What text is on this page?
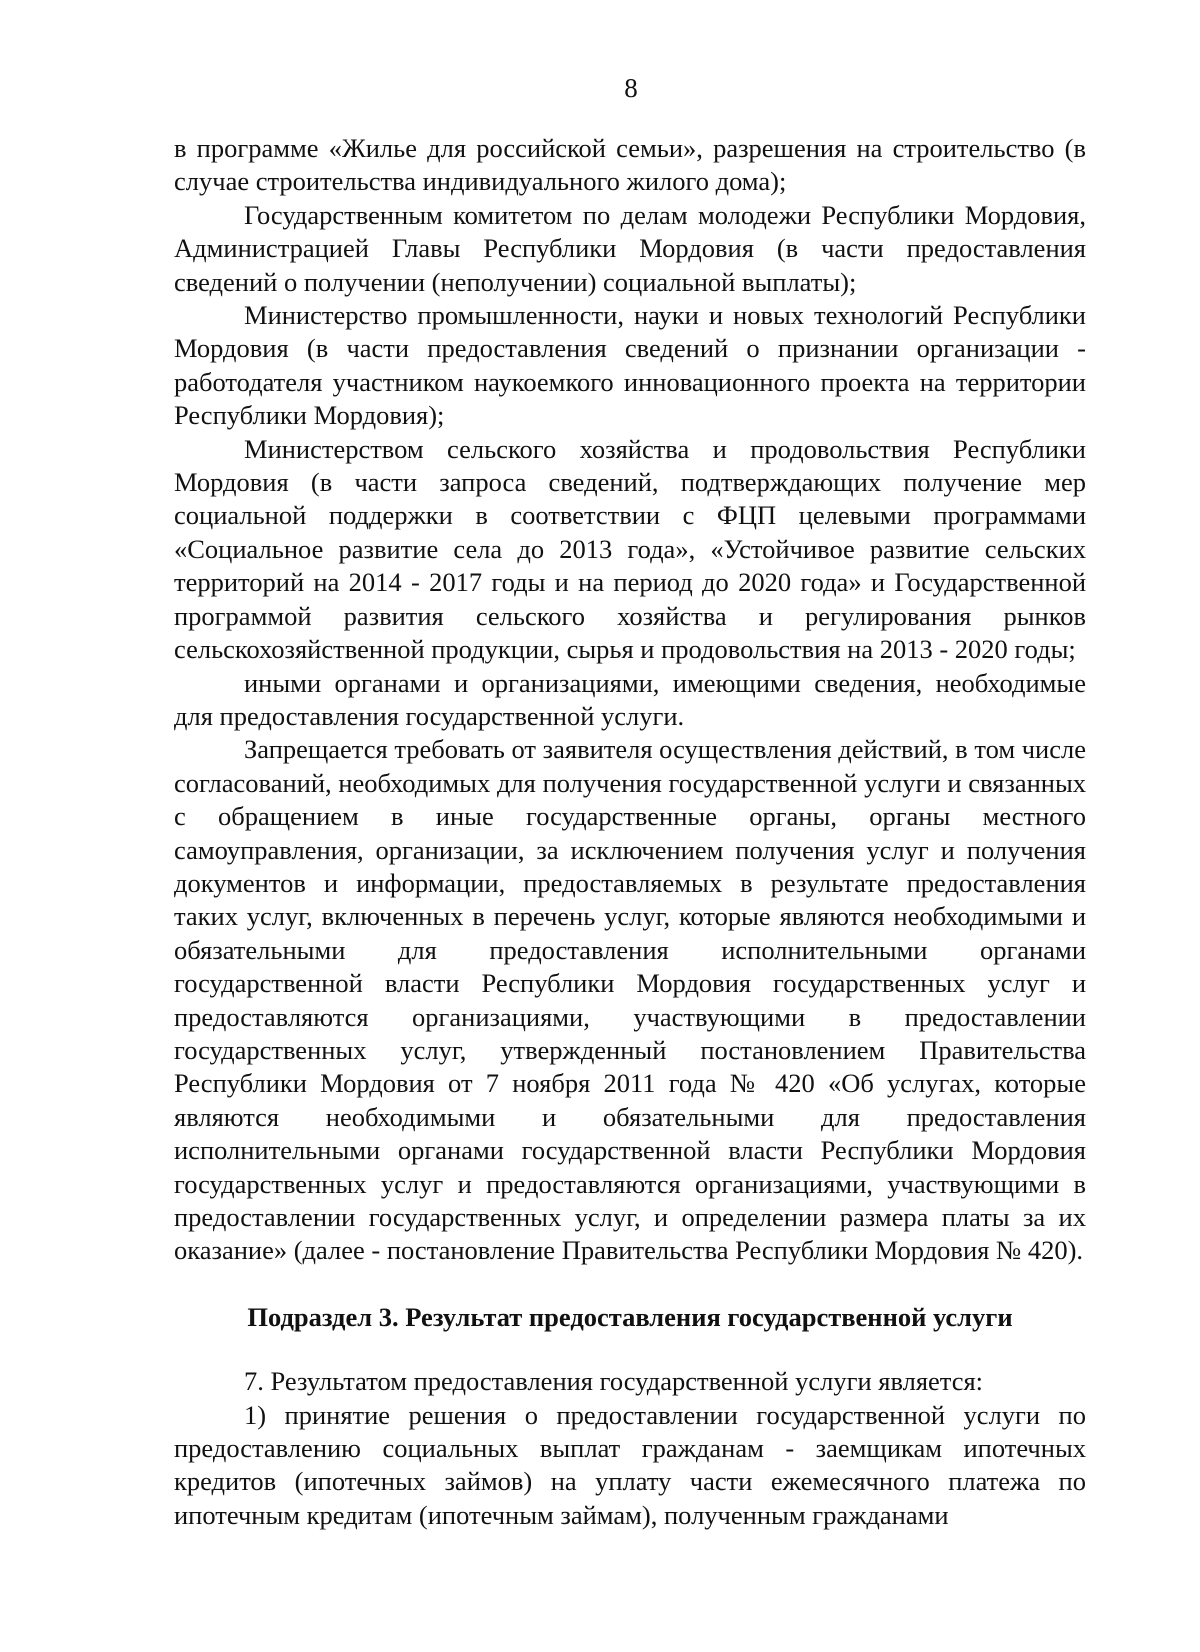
8

в программе «Жилье для российской семьи», разрешения на строительство (в случае строительства индивидуального жилого дома);

Государственным комитетом по делам молодежи Республики Мордовия, Администрацией Главы Республики Мордовия (в части предоставления сведений о получении (неполучении) социальной выплаты);

Министерство промышленности, науки и новых технологий Республики Мордовия (в части предоставления сведений о признании организации - работодателя участником наукоемкого инновационного проекта на территории Республики Мордовия);

Министерством сельского хозяйства и продовольствия Республики Мордовия (в части запроса сведений, подтверждающих получение мер социальной поддержки в соответствии с ФЦП целевыми программами «Социальное развитие села до 2013 года», «Устойчивое развитие сельских территорий на 2014 - 2017 годы и на период до 2020 года» и Государственной программой развития сельского хозяйства и регулирования рынков сельскохозяйственной продукции, сырья и продовольствия на 2013 - 2020 годы;

иными органами и организациями, имеющими сведения, необходимые для предоставления государственной услуги.

Запрещается требовать от заявителя осуществления действий, в том числе согласований, необходимых для получения государственной услуги и связанных с обращением в иные государственные органы, органы местного самоуправления, организации, за исключением получения услуг и получения документов и информации, предоставляемых в результате предоставления таких услуг, включенных в перечень услуг, которые являются необходимыми и обязательными для предоставления исполнительными органами государственной власти Республики Мордовия государственных услуг и предоставляются организациями, участвующими в предоставлении государственных услуг, утвержденный постановлением Правительства Республики Мордовия от 7 ноября 2011 года № 420 «Об услугах, которые являются необходимыми и обязательными для предоставления исполнительными органами государственной власти Республики Мордовия государственных услуг и предоставляются организациями, участвующими в предоставлении государственных услуг, и определении размера платы за их оказание» (далее - постановление Правительства Республики Мордовия № 420).

Подраздел 3. Результат предоставления государственной услуги

7. Результатом предоставления государственной услуги является:

1) принятие решения о предоставлении государственной услуги по предоставлению социальных выплат гражданам - заемщикам ипотечных кредитов (ипотечных займов) на уплату части ежемесячного платежа по ипотечным кредитам (ипотечным займам), полученным гражданами
